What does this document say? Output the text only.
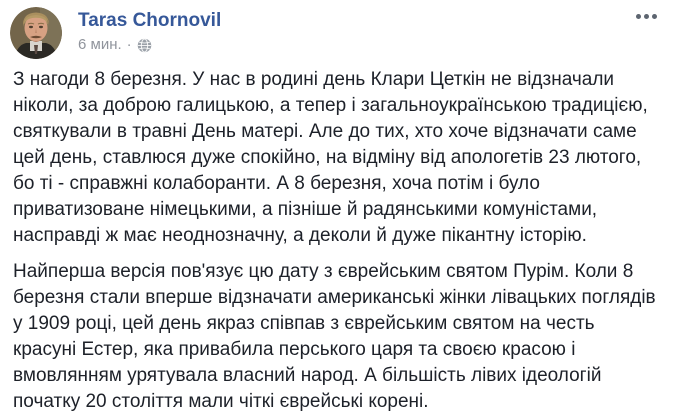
Taras Chornovil
6 мин. ·

З нагоди 8 березня. У нас в родині день Клари Цеткін не відзначали ніколи, за доброю галицькою, а тепер і загальноукраїнською традицією, святкували в травні День матері. Але до тих, хто хоче відзначати саме цей день, ставлюся дуже спокійно, на відміну від апологетів 23 лютого, бо ті - справжні колаборанти. А 8 березня, хоча потім і було приватизоване німецькими, а пізніше й радянськими комуністами, насправді ж має неоднозначну, а деколи й дуже пікантну історію.

Найперша версія пов'язує цю дату з єврейським святом Пурім. Коли 8 березня стали вперше відзначати американські жінки лівацьких поглядів у 1909 році, цей день якраз співпав з єврейським святом на честь красуні Естер, яка привабила перського царя та своєю красою і вмовлянням урятувала власний народ. А більшість лівих ідеологій початку 20 століття мали чіткі єврейські корені.
